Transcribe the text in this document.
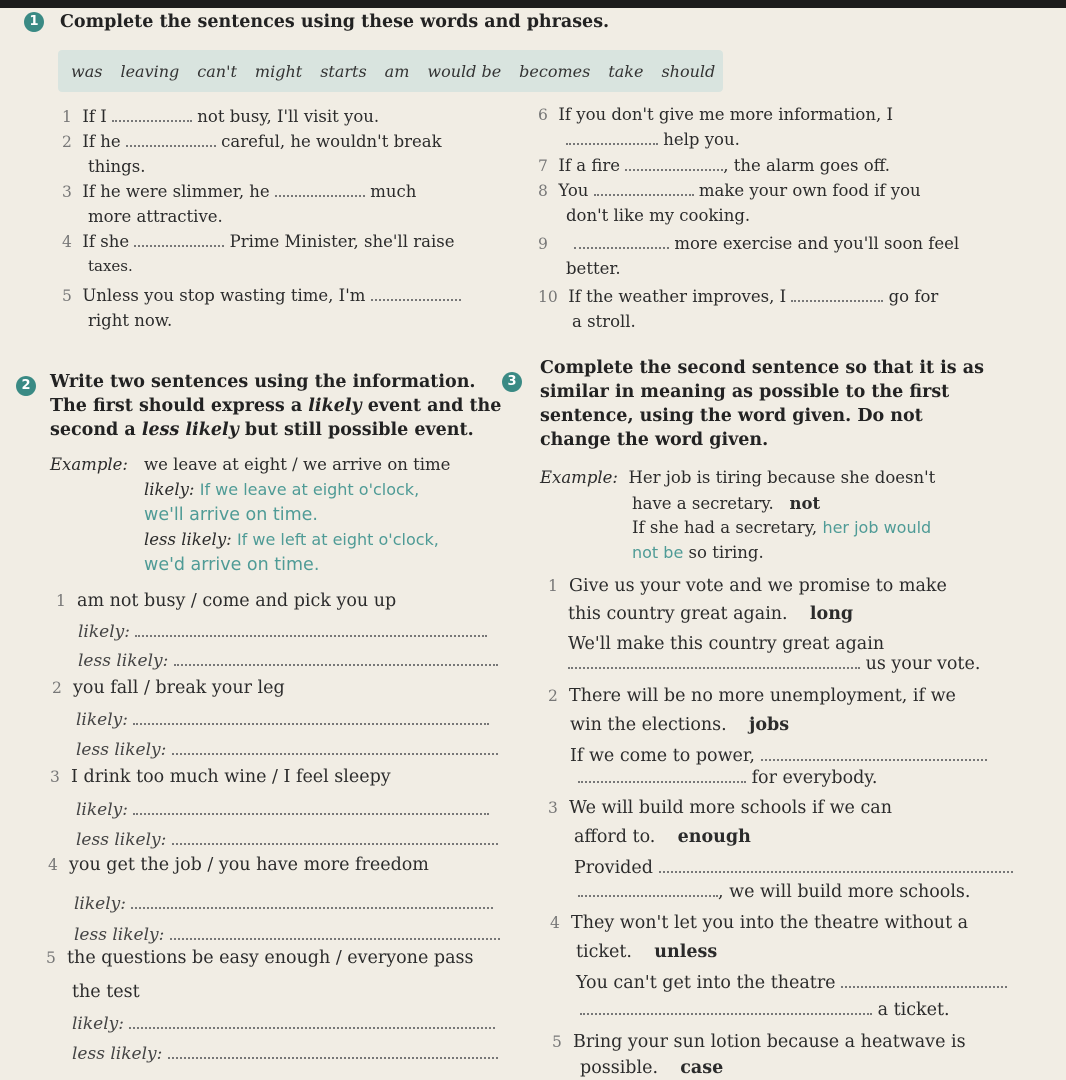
1	Complete the sentences using these words and phrases.
was leaving can't might starts am would be becomes take should
1 If I	not busy, I'll visit you.
2 If he	careful, he wouldn't break
things.
3 If he were slimmer, he	much
more attractive.
4 If she	Prime Minister, she'll raise
taxes.
5 Unless you stop wasting time, I'm
right now.
6 If you don't give me more information, I
help you.
7 If a fire	, the alarm goes off.
8 You	make your own food if you
don't like my cooking.
9	more exercise and you'll soon feel
better.
10 If the weather improves, I	go for
a stroll.
2	Write two sentences using the information.
The first should express a likely event and the
second a less likely but still possible event.
Example: we leave at eight / we arrive on time
likely: If we leave at eight o'clock,
we'll arrive on time.
less likely: If we left at eight o'clock,
we'd arrive on time.
1 am not busy / come and pick you up
likely:
less likely:
2 you fall / break your leg
likely:
less likely:
3 I drink too much wine / I feel sleepy
likely:
less likely:
4 you get the job / you have more freedom
likely:
less likely:
5 the questions be easy enough / everyone pass
the test
likely:
less likely:
3
Complete the second sentence so that it is as
similar in meaning as possible to the first
sentence, using the word given. Do not
change the word given.
Example: Her job is tiring because she doesn't
have a secretary. not
If she had a secretary, her job would
not be so tiring.
1 Give us your vote and we promise to make
this country great again. long
We'll make this country great again
us your vote.
2 There will be no more unemployment, if we
win the elections. jobs
If we come to power,
for everybody.
3 We will build more schools if we can
afford to. enough
Provided
, we will build more schools.
4 They won't let you into the theatre without a
ticket. unless
You can't get into the theatre
a ticket.
5 Bring your sun lotion because a heatwave is
possible. case
